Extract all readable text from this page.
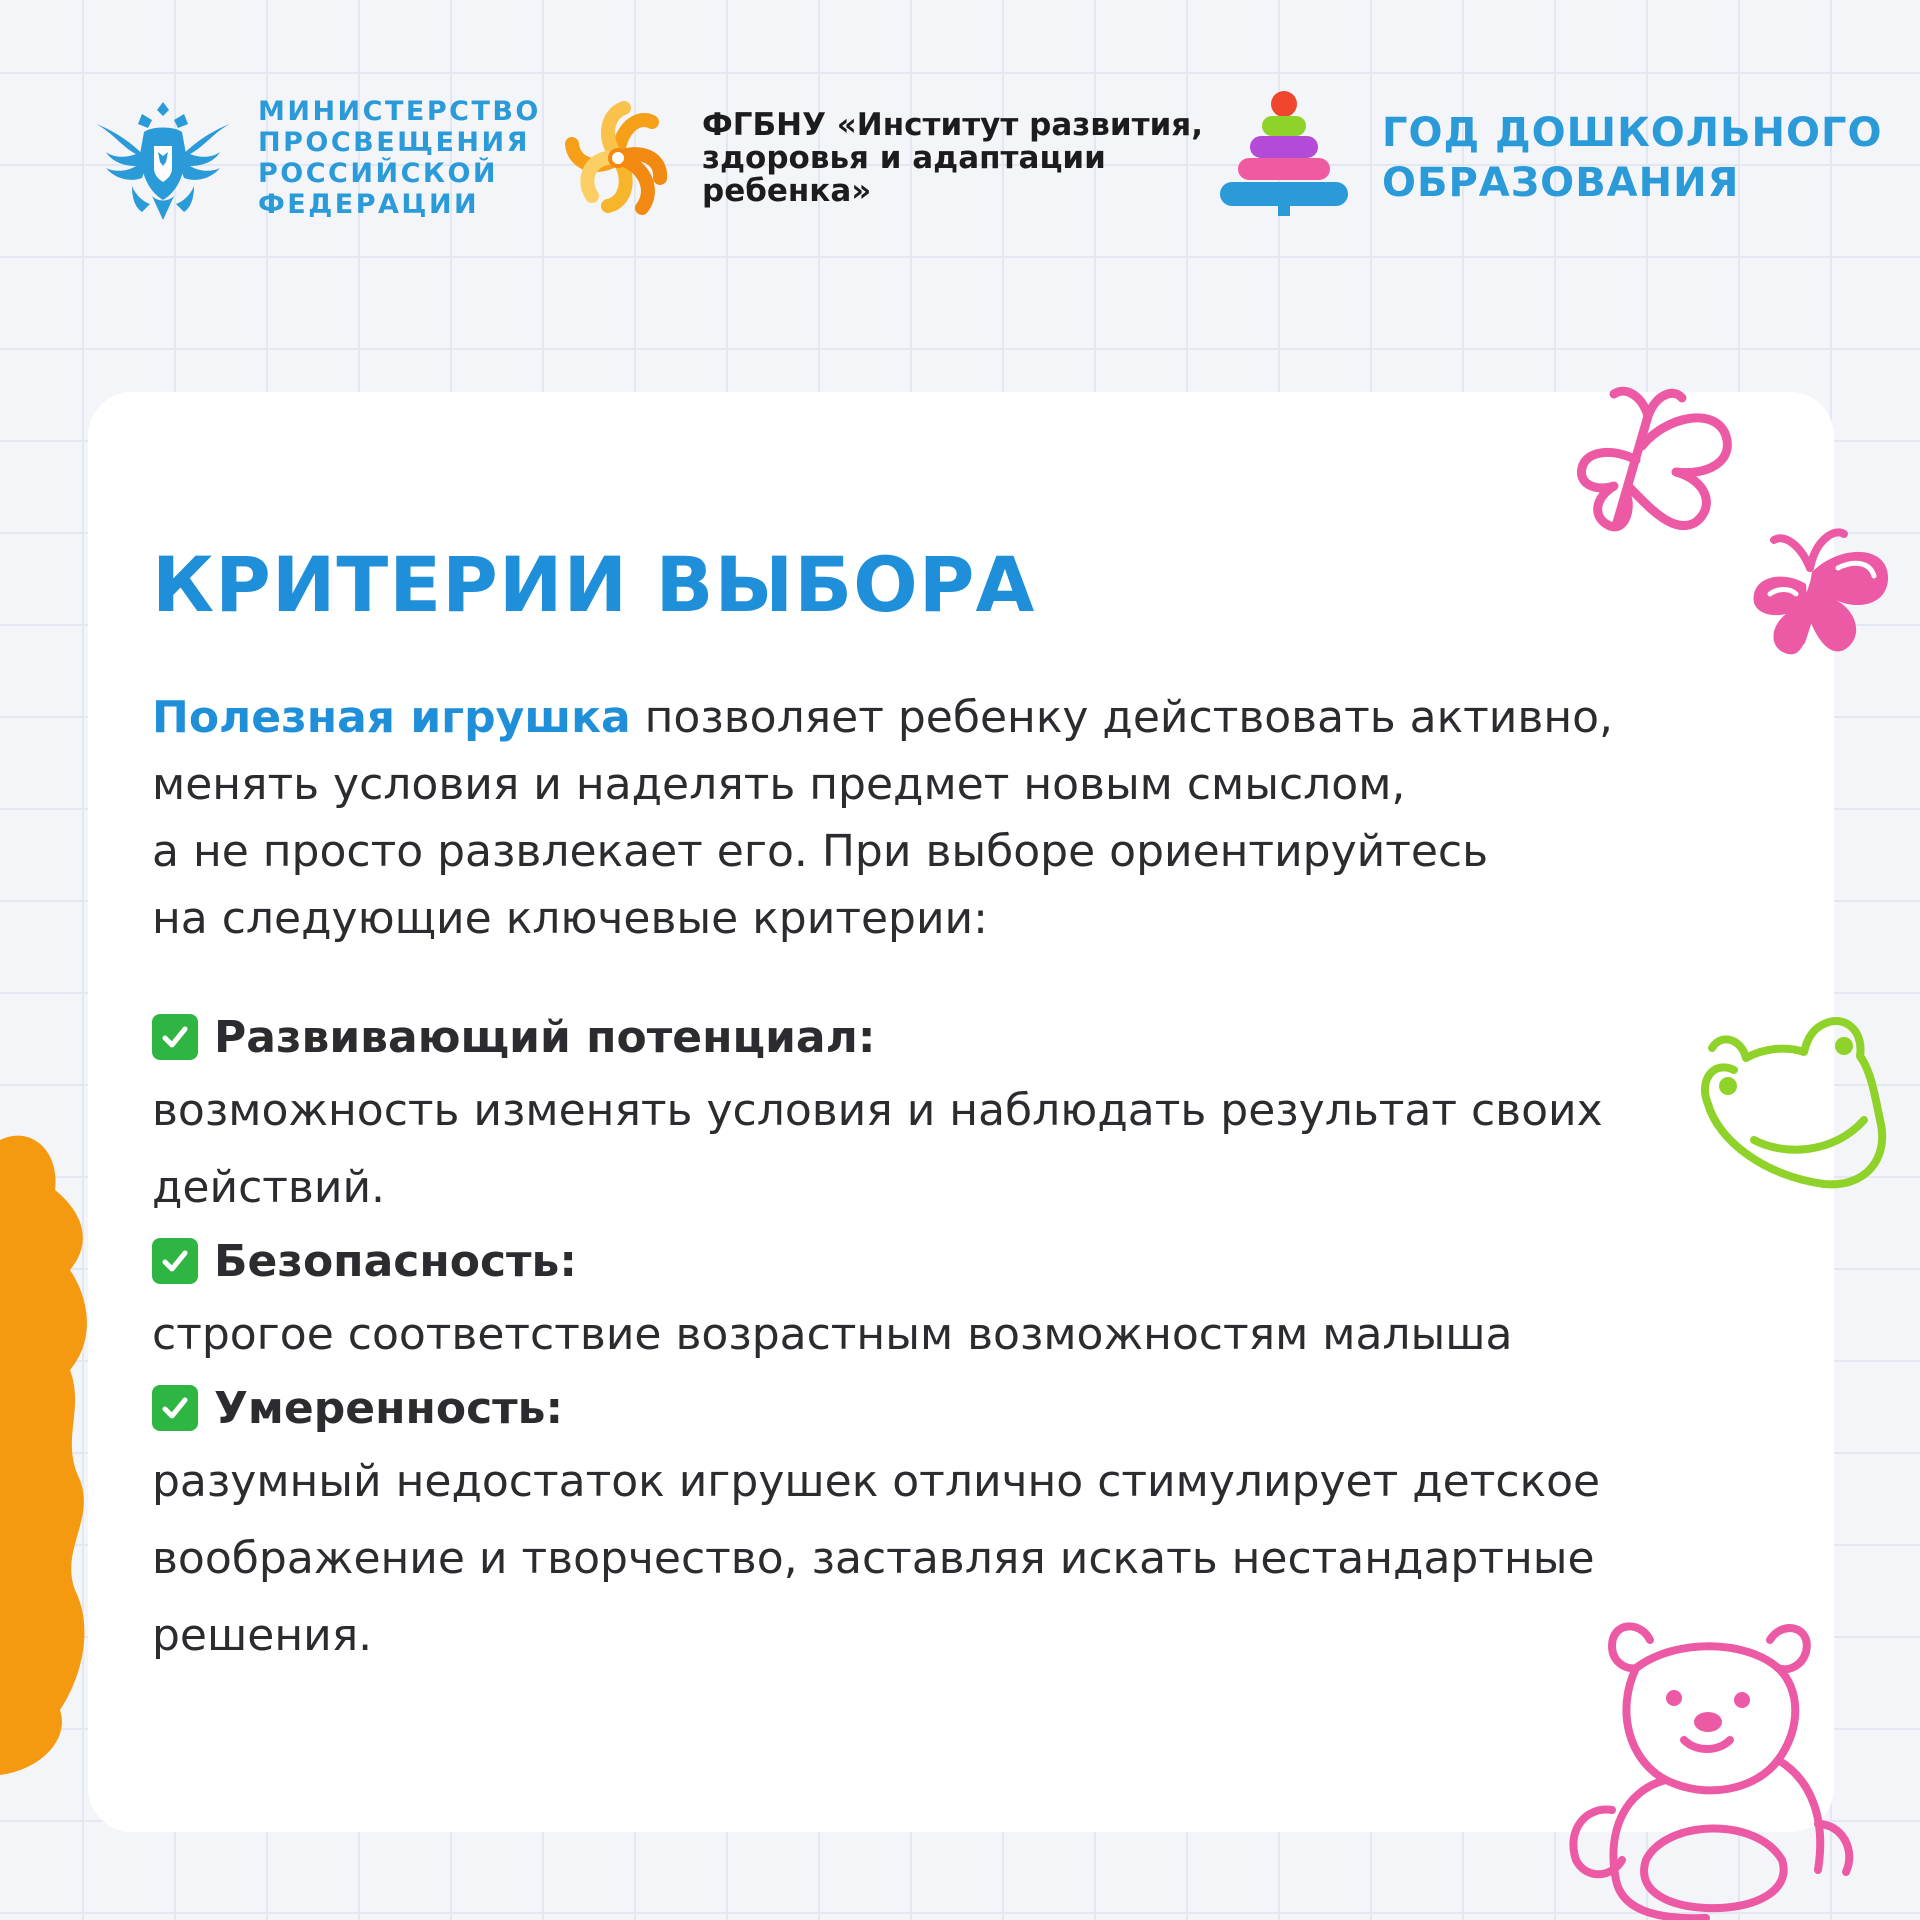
МИНИСТЕРСТВО
ПРОСВЕЩЕНИЯ
РОССИЙСКОЙ
ФЕДЕРАЦИИ
ФГБНУ «Институт развития,
здоровья и адаптации
ребенка»
ГОД ДОШКОЛЬНОГО
ОБРАЗОВАНИЯ
КРИТЕРИИ ВЫБОРА
Полезная игрушка позволяет ребенку действовать активно,
менять условия и наделять предмет новым смыслом,
а не просто развлекает его. При выборе ориентируйтесь
на следующие ключевые критерии:
Развивающий потенциал:
возможность изменять условия и наблюдать результат своих
действий.
Безопасность:
строгое соответствие возрастным возможностям малыша
Умеренность:
разумный недостаток игрушек отлично стимулирует детское
воображение и творчество, заставляя искать нестандартные
решения.
